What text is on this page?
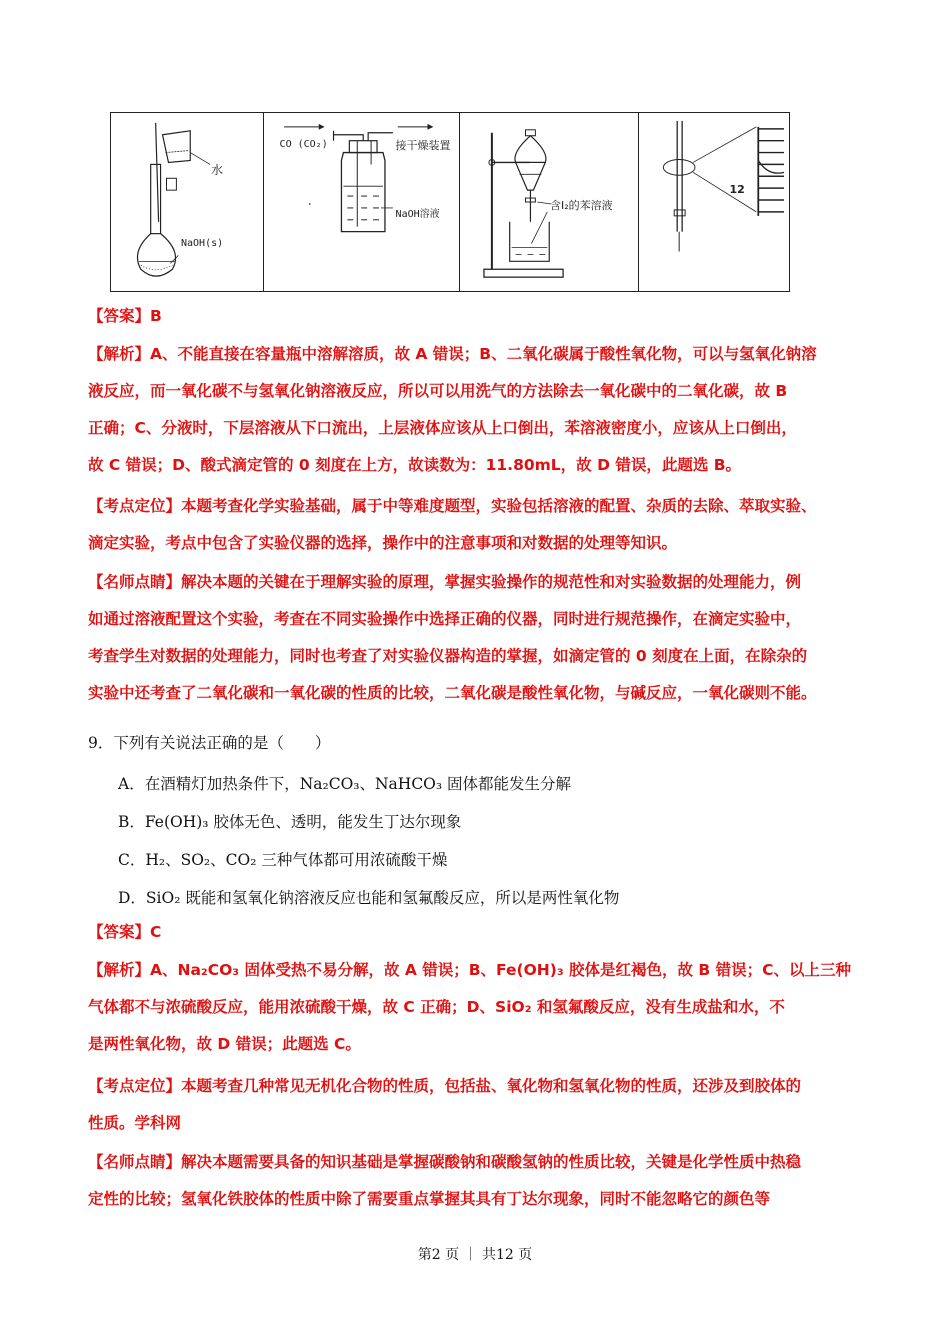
水
NaOH(s)
CO (CO₂)	接干燥装置
NaOH溶液
含I₂的苯溶液
12
【答案】B
【解析】A、不能直接在容量瓶中溶解溶质，故 A 错误；B、二氧化碳属于酸性氧化物，可以与氢氧化钠溶
液反应，而一氧化碳不与氢氧化钠溶液反应，所以可以用洗气的方法除去一氧化碳中的二氧化碳，故 B
正确；C、分液时，下层溶液从下口流出，上层液体应该从上口倒出，苯溶液密度小，应该从上口倒出，
故 C 错误；D、酸式滴定管的 0 刻度在上方，故读数为：11.80mL，故 D 错误，此题选 B。
【考点定位】本题考查化学实验基础，属于中等难度题型，实验包括溶液的配置、杂质的去除、萃取实验、
滴定实验，考点中包含了实验仪器的选择，操作中的注意事项和对数据的处理等知识。
【名师点睛】解决本题的关键在于理解实验的原理，掌握实验操作的规范性和对实验数据的处理能力，例
如通过溶液配置这个实验，考查在不同实验操作中选择正确的仪器，同时进行规范操作，在滴定实验中，
考查学生对数据的处理能力，同时也考查了对实验仪器构造的掌握，如滴定管的 0 刻度在上面，在除杂的
实验中还考查了二氧化碳和一氧化碳的性质的比较，二氧化碳是酸性氧化物，与碱反应，一氧化碳则不能。
9．下列有关说法正确的是（　　）
A．在酒精灯加热条件下，Na₂CO₃、NaHCO₃ 固体都能发生分解
B．Fe(OH)₃ 胶体无色、透明，能发生丁达尔现象
C．H₂、SO₂、CO₂ 三种气体都可用浓硫酸干燥
D．SiO₂ 既能和氢氧化钠溶液反应也能和氢氟酸反应，所以是两性氧化物
【答案】C
【解析】A、Na₂CO₃ 固体受热不易分解，故 A 错误；B、Fe(OH)₃ 胶体是红褐色，故 B 错误；C、以上三种
气体都不与浓硫酸反应，能用浓硫酸干燥，故 C 正确；D、SiO₂ 和氢氟酸反应，没有生成盐和水，不
是两性氧化物，故 D 错误；此题选 C。
【考点定位】本题考查几种常见无机化合物的性质，包括盐、氧化物和氢氧化物的性质，还涉及到胶体的
性质。学科网
【名师点睛】解决本题需要具备的知识基础是掌握碳酸钠和碳酸氢钠的性质比较，关键是化学性质中热稳
定性的比较；氢氧化铁胶体的性质中除了需要重点掌握其具有丁达尔现象，同时不能忽略它的颜色等
第2 页 ｜ 共12 页
